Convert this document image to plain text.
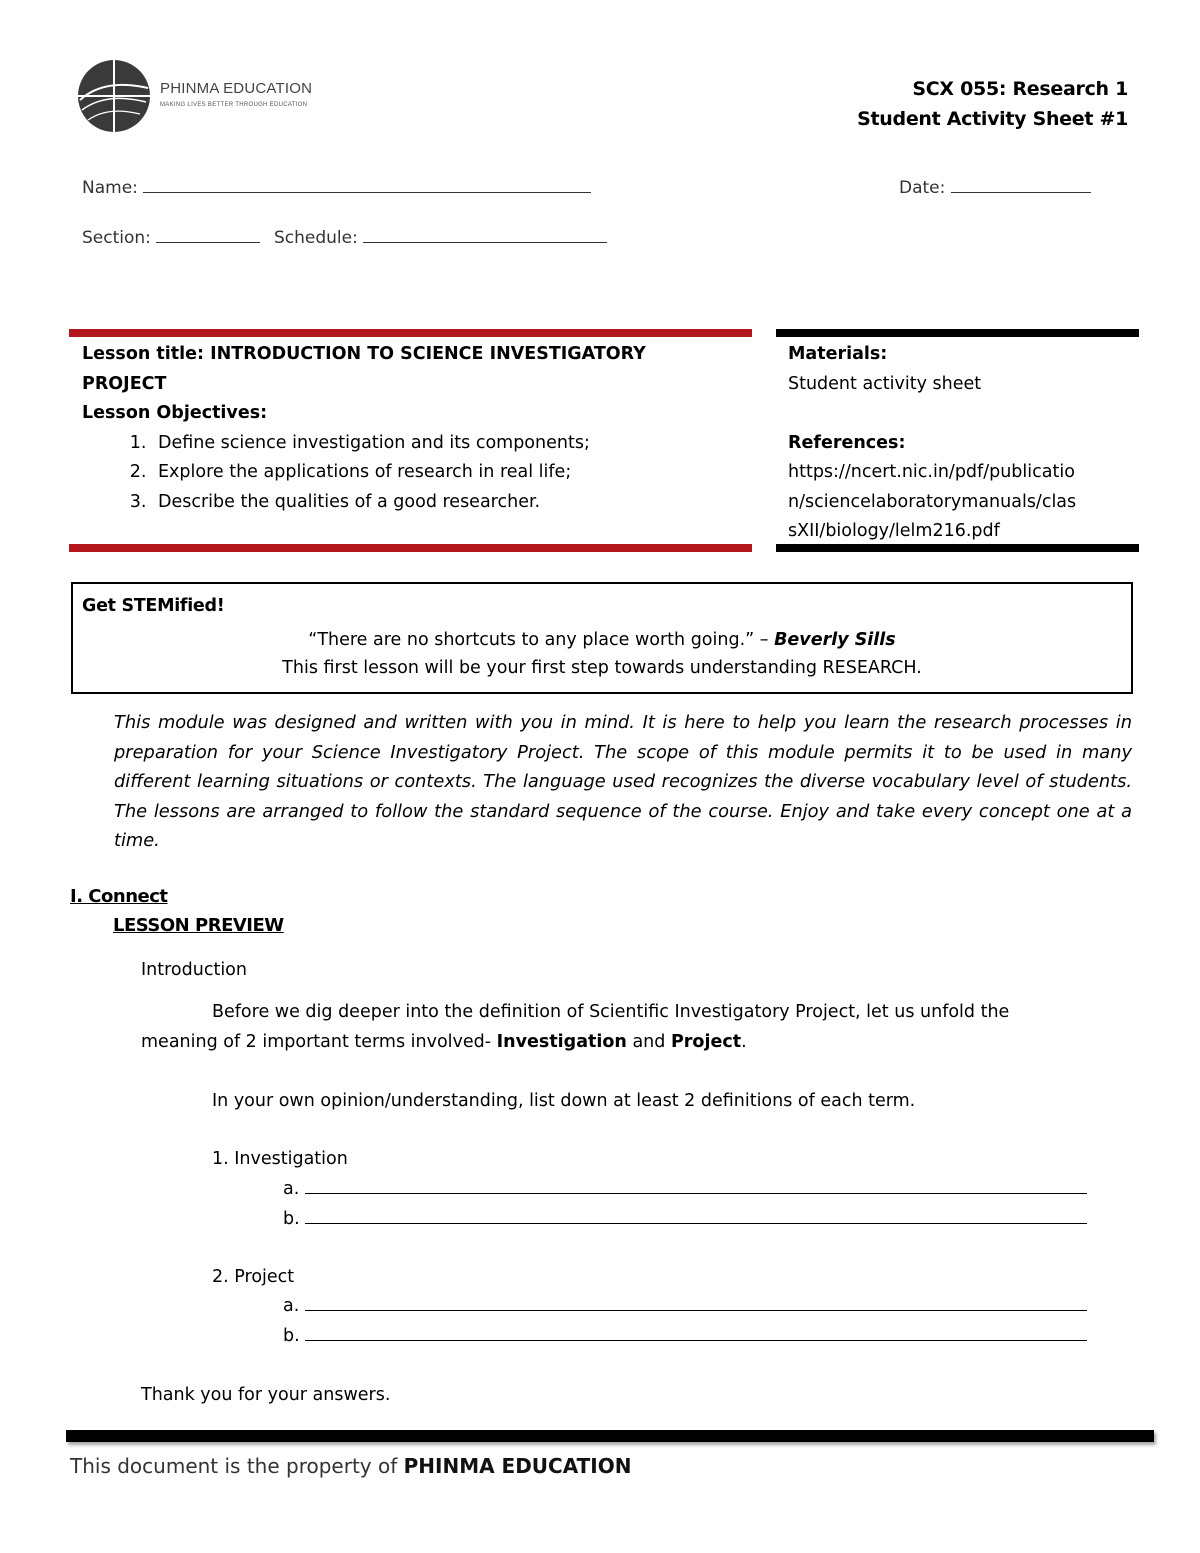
PHINMA EDUCATION
MAKING LIVES BETTER THROUGH EDUCATION
SCX 055: Research 1
Student Activity Sheet #1
Name:	Date:
Section:	Schedule:
Lesson title: INTRODUCTION TO SCIENCE INVESTIGATORY
PROJECT
Lesson Objectives:
1. Define science investigation and its components;
2. Explore the applications of research in real life;
3. Describe the qualities of a good researcher.
Materials:
Student activity sheet
References:
https://ncert.nic.in/pdf/publicatio
n/sciencelaboratorymanuals/clas
sXII/biology/lelm216.pdf
Get STEMified!
“There are no shortcuts to any place worth going.” – Beverly Sills
This first lesson will be your first step towards understanding RESEARCH.
This module was designed and written with you in mind. It is here to help you learn the research processes in preparation for your Science Investigatory Project. The scope of this module permits it to be used in many different learning situations or contexts. The language used recognizes the diverse vocabulary level of students. The lessons are arranged to follow the standard sequence of the course. Enjoy and take every concept one at a time.
I. Connect
LESSON PREVIEW
Introduction
Before we dig deeper into the definition of Scientific Investigatory Project, let us unfold the
meaning of 2 important terms involved- Investigation and Project.
In your own opinion/understanding, list down at least 2 definitions of each term.
1. Investigation
a.
b.
2. Project
a.
b.
Thank you for your answers.
This document is the property of PHINMA EDUCATION
